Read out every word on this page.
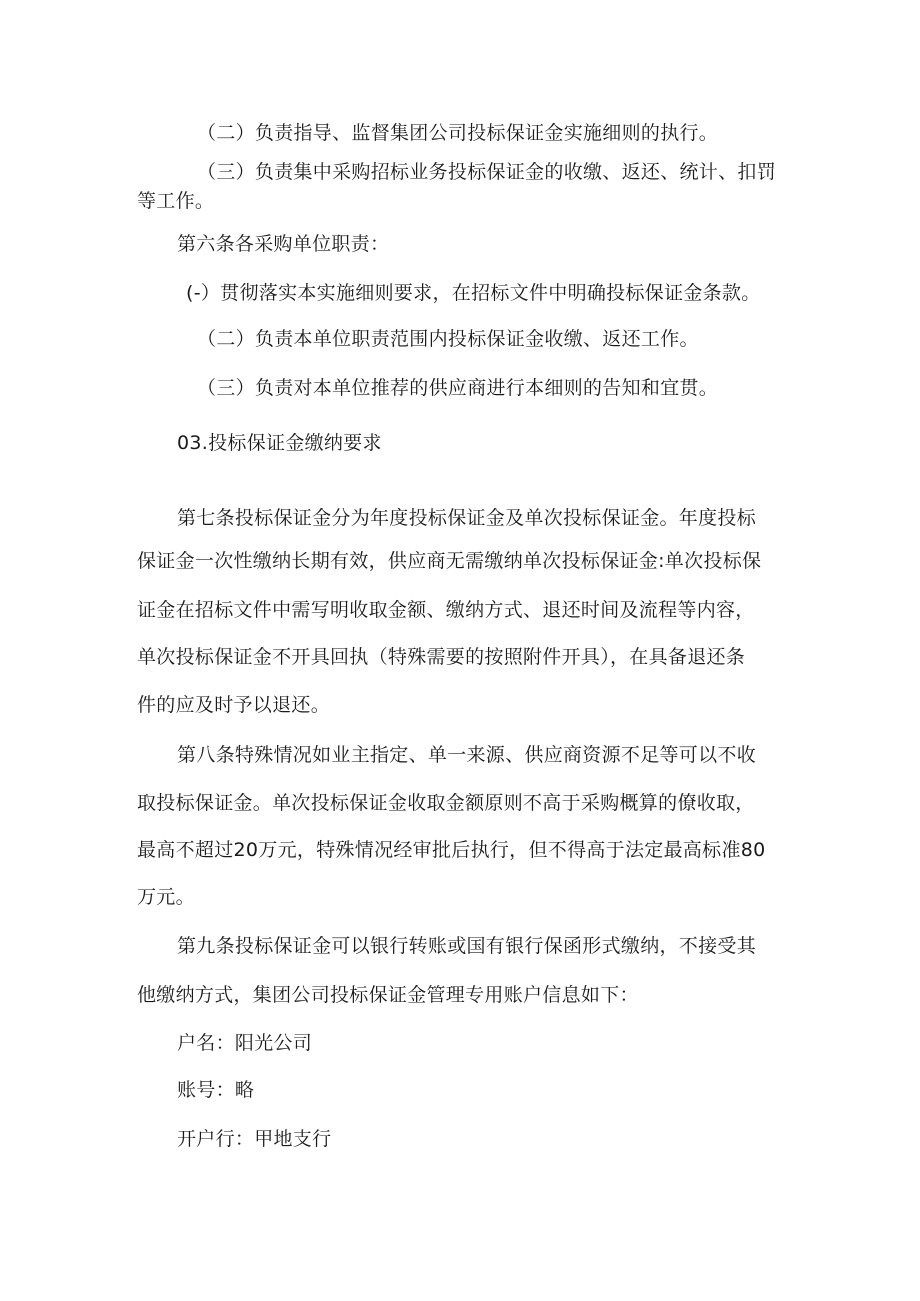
（二）负责指导、监督集团公司投标保证金实施细则的执行。
（三）负责集中采购招标业务投标保证金的收缴、返还、统计、扣罚
等工作。
第六条各采购单位职责：
(-）贯彻落实本实施细则要求，在招标文件中明确投标保证金条款。
（二）负责本单位职责范围内投标保证金收缴、返还工作。
（三）负责对本单位推荐的供应商进行本细则的告知和宜贯。
03.投标保证金缴纳要求
第七条投标保证金分为年度投标保证金及单次投标保证金。年度投标
保证金一次性缴纳长期有效，供应商无需缴纳单次投标保证金:单次投标保
证金在招标文件中需写明收取金额、缴纳方式、退还时间及流程等内容，
单次投标保证金不开具回执（特殊需要的按照附件开具），在具备退还条
件的应及时予以退还。
第八条特殊情况如业主指定、单一来源、供应商资源不足等可以不收
取投标保证金。单次投标保证金收取金额原则不高于采购概算的僚收取，
最高不超过20万元，特殊情况经审批后执行，但不得高于法定最高标准80
万元。
第九条投标保证金可以银行转账或国有银行保函形式缴纳，不接受其
他缴纳方式，集团公司投标保证金管理专用账户信息如下：
户名：阳光公司
账号：略
开户行：甲地支行
